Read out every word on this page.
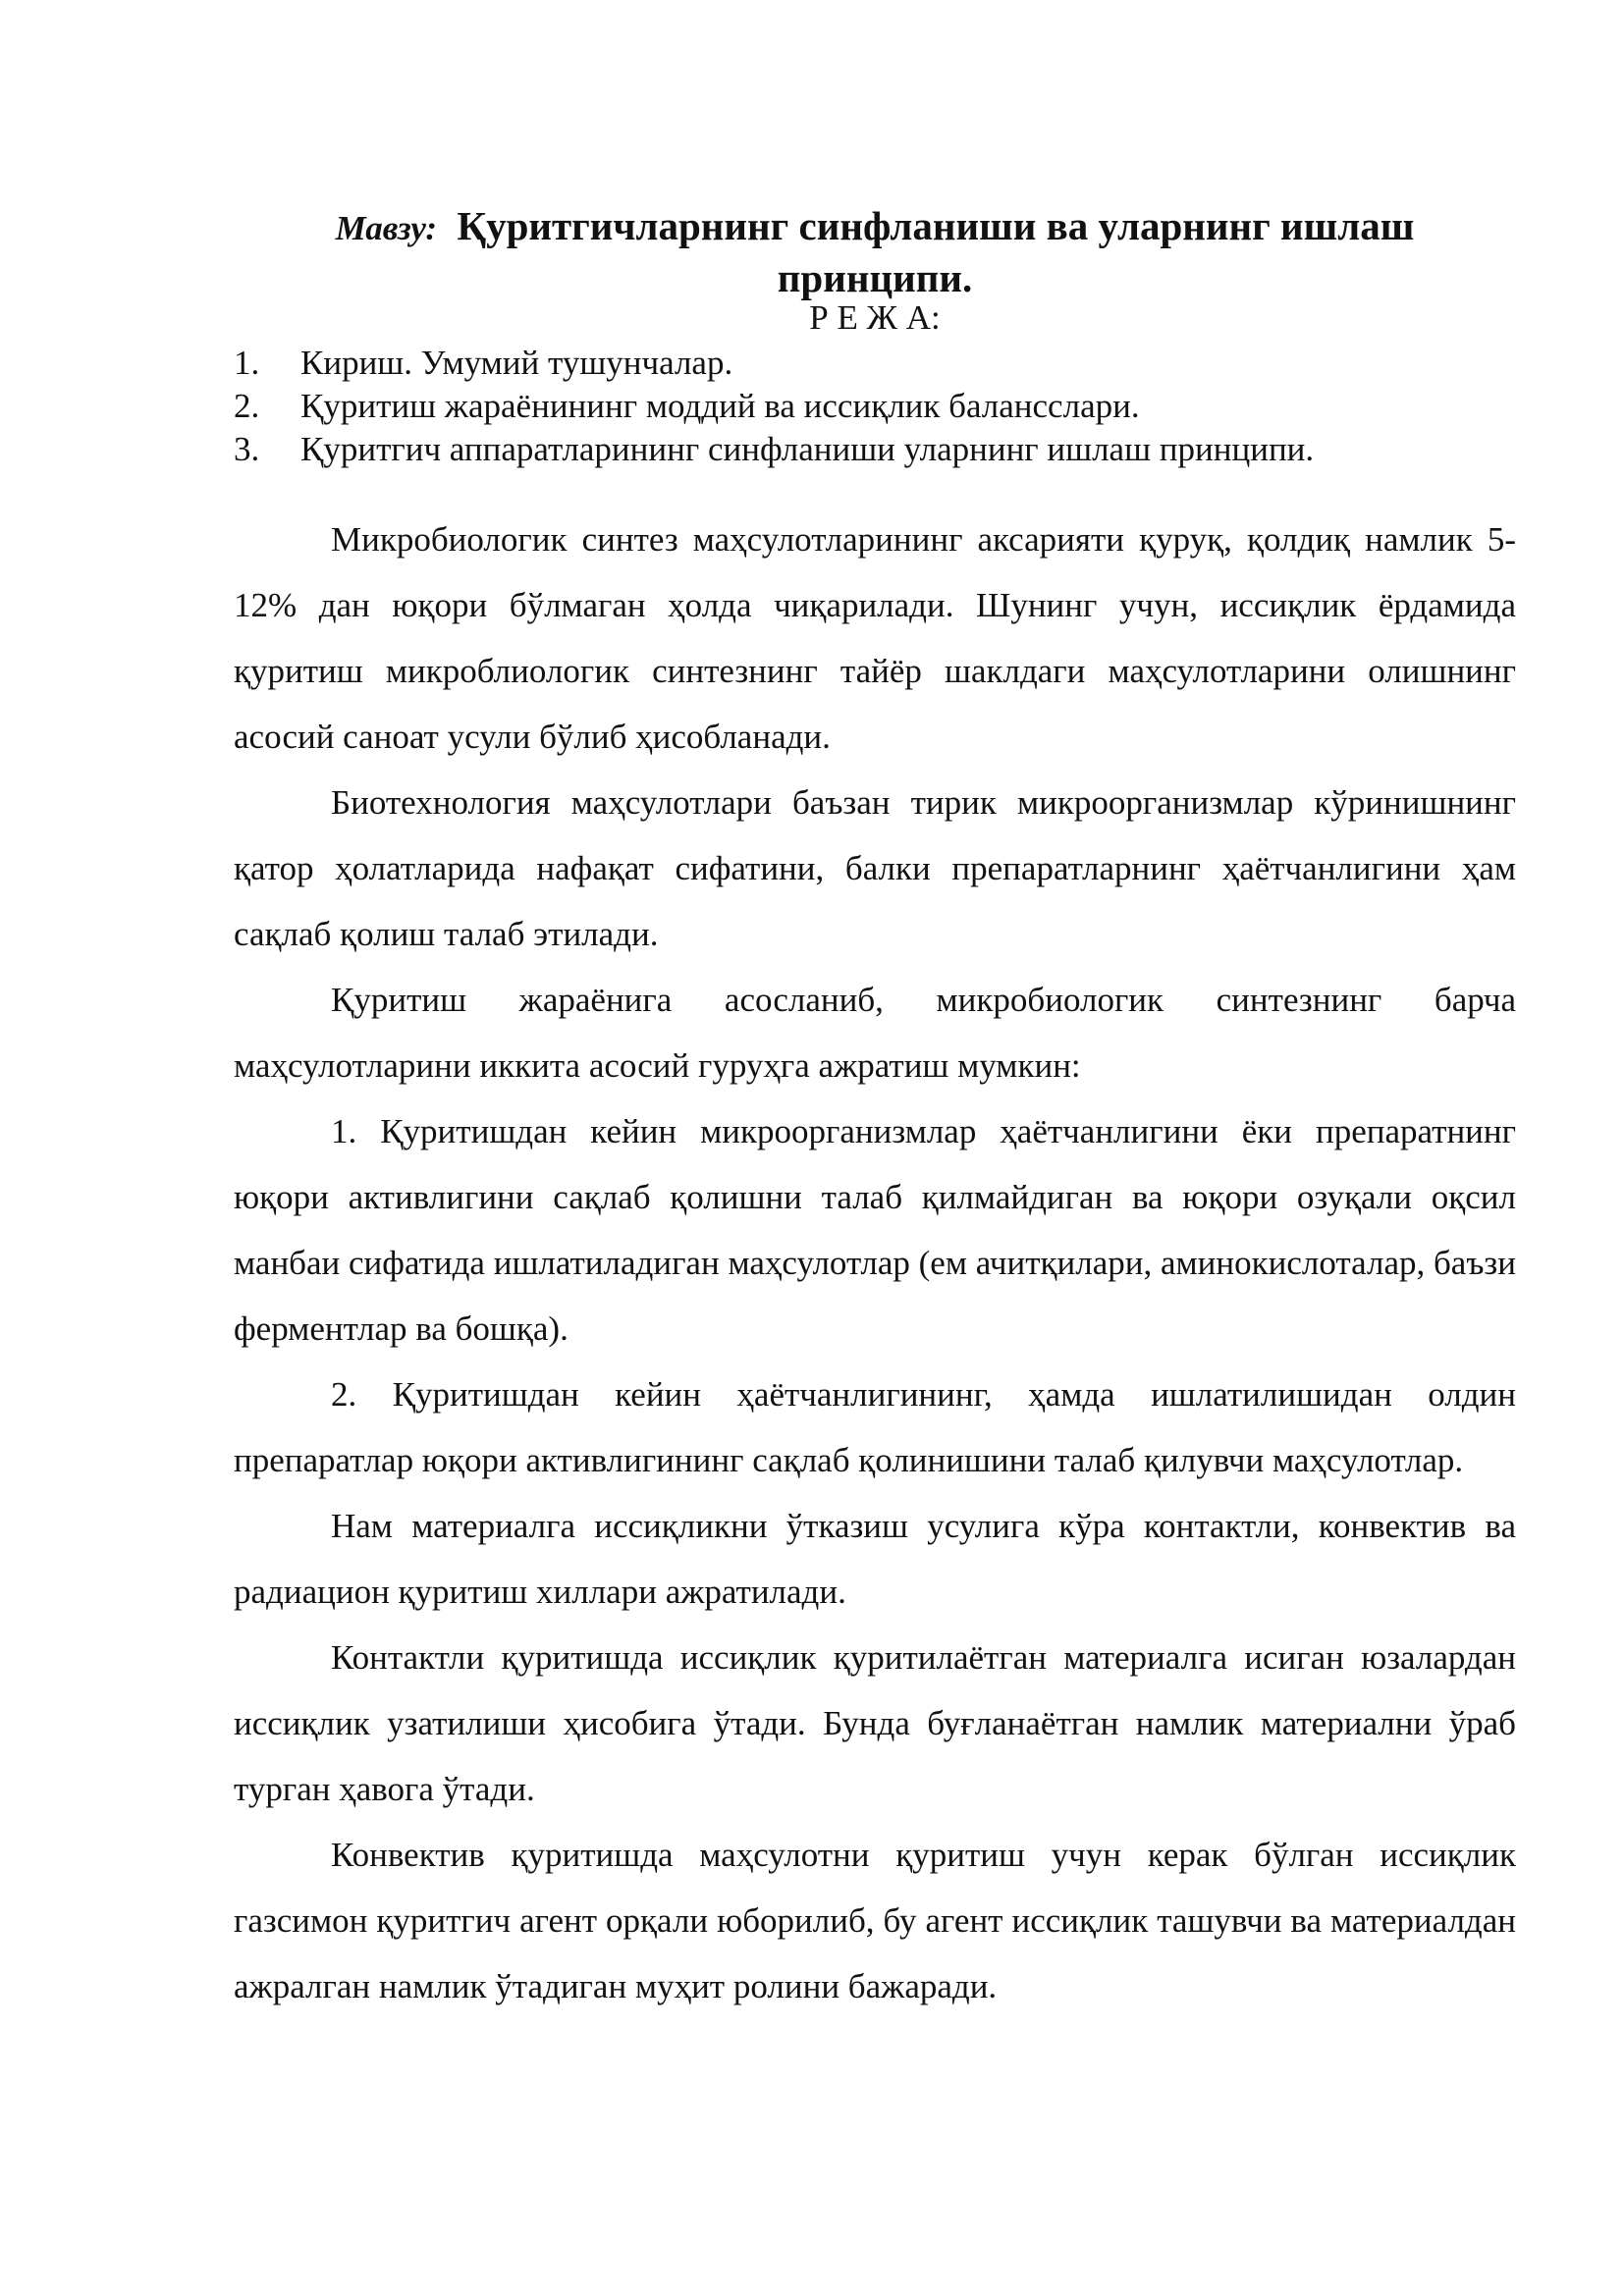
Мавзу: Қуритгичларнинг синфланиши ва уларнинг ишлаш принципи.
Р Е Ж А:
1.	Кириш. Умумий тушунчалар.
2.	Қуритиш жараёнининг моддий ва иссиқлик балансслари.
3.	Қуритгич аппаратларининг синфланиши уларнинг ишлаш принципи.

Микробиологик синтез маҳсулотларининг аксарияти қуруқ, қолдиқ намлик 5-12% дан юқори бўлмаган ҳолда чиқарилади. Шунинг учун, иссиқлик ёрдамида қуритиш микроблиологик синтезнинг тайёр шаклдаги маҳсулотларини олишнинг асосий саноат усули бўлиб ҳисобланади.

Биотехнология маҳсулотлари баъзан тирик микроорганизмлар кўринишнинг қатор ҳолатларида нафақат сифатини, балки препаратларнинг ҳаётчанлигини ҳам сақлаб қолиш талаб этилади.

Қуритиш жараёнига асосланиб, микробиологик синтезнинг барча маҳсулотларини иккита асосий гуруҳга ажратиш мумкин:

1. Қуритишдан кейин микроорганизмлар ҳаётчанлигини ёки препаратнинг юқори активлигини сақлаб қолишни талаб қилмайдиган ва юқори озуқали оқсил манбаи сифатида ишлатиладиган маҳсулотлар (ем ачитқилари, аминокислоталар, баъзи ферментлар ва бошқа).

2. Қуритишдан кейин ҳаётчанлигининг, ҳамда ишлатилишидан олдин препаратлар юқори активлигининг сақлаб қолинишини талаб қилувчи маҳсулотлар.

Нам материалга иссиқликни ўтказиш усулига кўра контактли, конвектив ва радиацион қуритиш хиллари ажратилади.

Контактли қуритишда иссиқлик қуритилаётган материалга исиган юзалардан иссиқлик узатилиши ҳисобига ўтади. Бунда буғланаётган намлик материални ўраб турган ҳавога ўтади.

Конвектив қуритишда маҳсулотни қуритиш учун керак бўлган иссиқлик газсимон қуритгич агент орқали юборилиб, бу агент иссиқлик ташувчи ва материалдан ажралган намлик ўтадиган муҳит ролини бажаради.
